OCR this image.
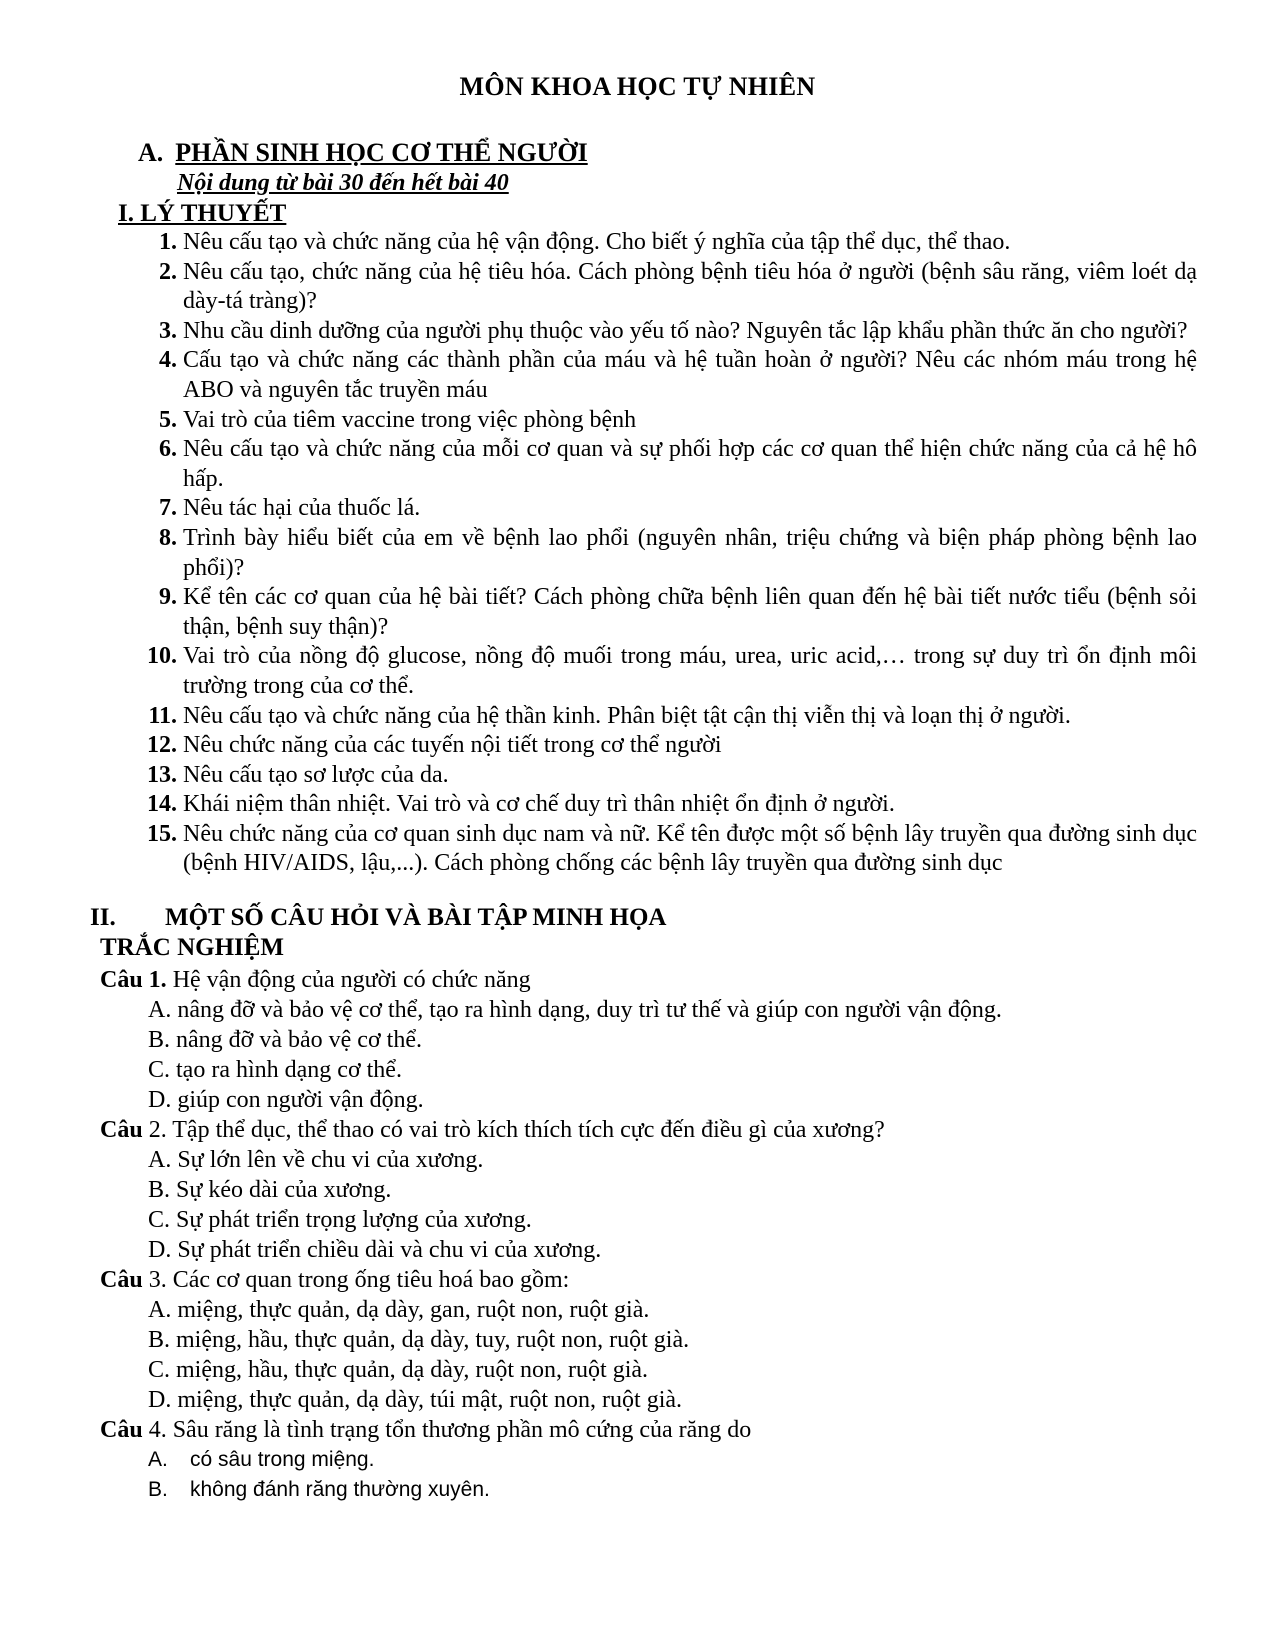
MÔN KHOA HỌC TỰ NHIÊN
A. PHẦN SINH HỌC CƠ THỂ NGƯỜI
Nội dung từ bài 30 đến hết bài 40
I. LÝ THUYẾT
1. Nêu cấu tạo và chức năng của hệ vận động. Cho biết ý nghĩa của tập thể dục, thể thao.
2. Nêu cấu tạo, chức năng của hệ tiêu hóa. Cách phòng bệnh tiêu hóa ở người (bệnh sâu răng, viêm loét dạ dày-tá tràng)?
3. Nhu cầu dinh dưỡng của người phụ thuộc vào yếu tố nào? Nguyên tắc lập khẩu phần thức ăn cho người?
4. Cấu tạo và chức năng các thành phần của máu và hệ tuần hoàn ở người? Nêu các nhóm máu trong hệ ABO và nguyên tắc truyền máu
5. Vai trò của tiêm vaccine trong việc phòng bệnh
6. Nêu cấu tạo và chức năng của mỗi cơ quan và sự phối hợp các cơ quan thể hiện chức năng của cả hệ hô hấp.
7. Nêu tác hại của thuốc lá.
8. Trình bày hiểu biết của em về bệnh lao phổi (nguyên nhân, triệu chứng và biện pháp phòng bệnh lao phổi)?
9. Kể tên các cơ quan của hệ bài tiết? Cách phòng chữa bệnh liên quan đến hệ bài tiết nước tiểu (bệnh sỏi thận, bệnh suy thận)?
10. Vai trò của nồng độ glucose, nồng độ muối trong máu, urea, uric acid,… trong sự duy trì ổn định môi trường trong của cơ thể.
11. Nêu cấu tạo và chức năng của hệ thần kinh. Phân biệt tật cận thị viễn thị và loạn thị ở người.
12. Nêu chức năng của các tuyến nội tiết trong cơ thể người
13. Nêu cấu tạo sơ lược của da.
14. Khái niệm thân nhiệt. Vai trò và cơ chế duy trì thân nhiệt ổn định ở người.
15. Nêu chức năng của cơ quan sinh dục nam và nữ. Kể tên được một số bệnh lây truyền qua đường sinh dục (bệnh HIV/AIDS, lậu,...). Cách phòng chống các bệnh lây truyền qua đường sinh dục
II. MỘT SỐ CÂU HỎI VÀ BÀI TẬP MINH HỌA
TRẮC NGHIỆM
Câu 1. Hệ vận động của người có chức năng
A. nâng đỡ và bảo vệ cơ thể, tạo ra hình dạng, duy trì tư thế và giúp con người vận động.
B. nâng đỡ và bảo vệ cơ thể.
C. tạo ra hình dạng cơ thể.
D. giúp con người vận động.
Câu 2. Tập thể dục, thể thao có vai trò kích thích tích cực đến điều gì của xương?
A. Sự lớn lên về chu vi của xương.
B. Sự kéo dài của xương.
C. Sự phát triển trọng lượng của xương.
D. Sự phát triển chiều dài và chu vi của xương.
Câu 3. Các cơ quan trong ống tiêu hoá bao gồm:
A. miệng, thực quản, dạ dày, gan, ruột non, ruột già.
B. miệng, hầu, thực quản, dạ dày, tuy, ruột non, ruột già.
C. miệng, hầu, thực quản, dạ dày, ruột non, ruột già.
D. miệng, thực quản, dạ dày, túi mật, ruột non, ruột già.
Câu 4. Sâu răng là tình trạng tổn thương phần mô cứng của răng do
A. có sâu trong miệng.
B. không đánh răng thường xuyên.
